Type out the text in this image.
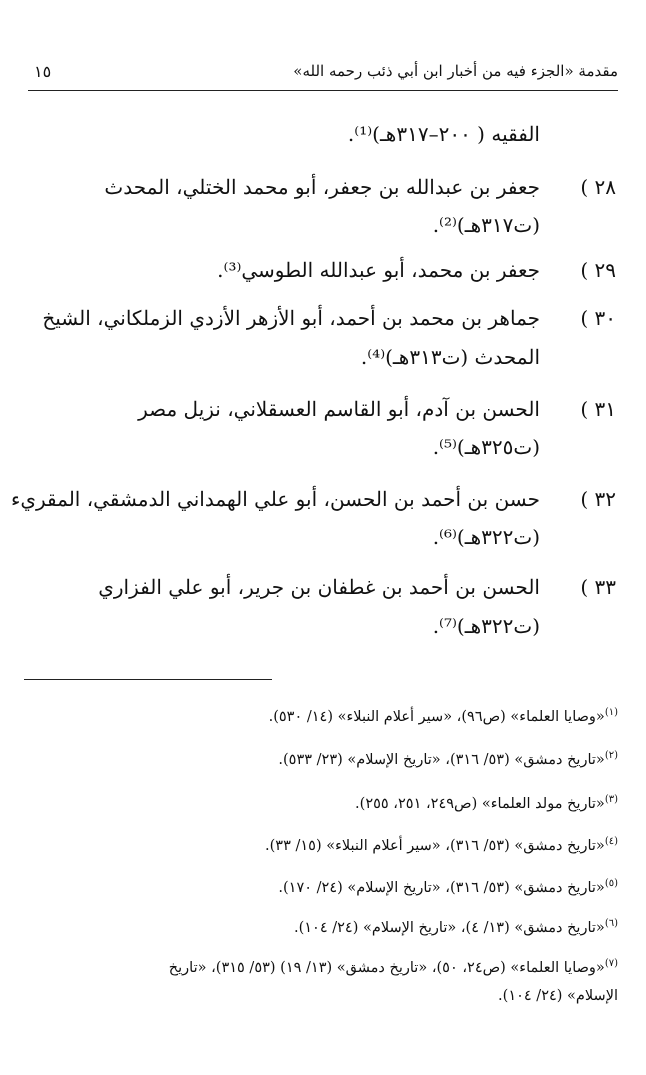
مقدمة «الجزء فيه من أخبار ابن أبي ذئب رحمه الله»
١٥
الفقيه ( ٢٠٠–٣١٧هـ)⁽¹⁾.
٢٨ )
جعفر بن عبدالله بن جعفر، أبو محمد الختلي، المحدث
(ت٣١٧هـ)⁽²⁾.
٢٩ )
جعفر بن محمد، أبو عبدالله الطوسي⁽³⁾.
٣٠ )
جماهر بن محمد بن أحمد، أبو الأزهر الأزدي الزملكاني، الشيخ
المحدث (ت٣١٣هـ)⁽⁴⁾.
٣١ )
الحسن بن آدم، أبو القاسم العسقلاني، نزيل مصر
(ت٣٢٥هـ)⁽⁵⁾.
٣٢ )
حسن بن أحمد بن الحسن، أبو علي الهمداني الدمشقي، المقريء
(ت٣٢٢هـ)⁽⁶⁾.
٣٣ )
الحسن بن أحمد بن غطفان بن جرير، أبو علي الفزاري
(ت٣٢٢هـ)⁽⁷⁾.
$^{(١)}$«وصايا العلماء» (ص٩٦)، «سير أعلام النبلاء» (١٤/ ٥٣٠).
$^{(٢)}$«تاريخ دمشق» (٥٣/ ٣١٦)، «تاريخ الإسلام» (٢٣/ ٥٣٣).
$^{(٣)}$«تاريخ مولد العلماء» (ص٢٤٩، ٢٥١، ٢٥٥).
$^{(٤)}$«تاريخ دمشق» (٥٣/ ٣١٦)، «سير أعلام النبلاء» (١٥/ ٣٣).
$^{(٥)}$«تاريخ دمشق» (٥٣/ ٣١٦)، «تاريخ الإسلام» (٢٤/ ١٧٠).
$^{(٦)}$«تاريخ دمشق» (١٣/ ٤)، «تاريخ الإسلام» (٢٤/ ١٠٤).
$^{(٧)}$«وصايا العلماء» (ص٢٤، ٥٠)، «تاريخ دمشق» (١٣/ ١٩) (٥٣/ ٣١٥)، «تاريخ
الإسلام» (٢٤/ ١٠٤).
